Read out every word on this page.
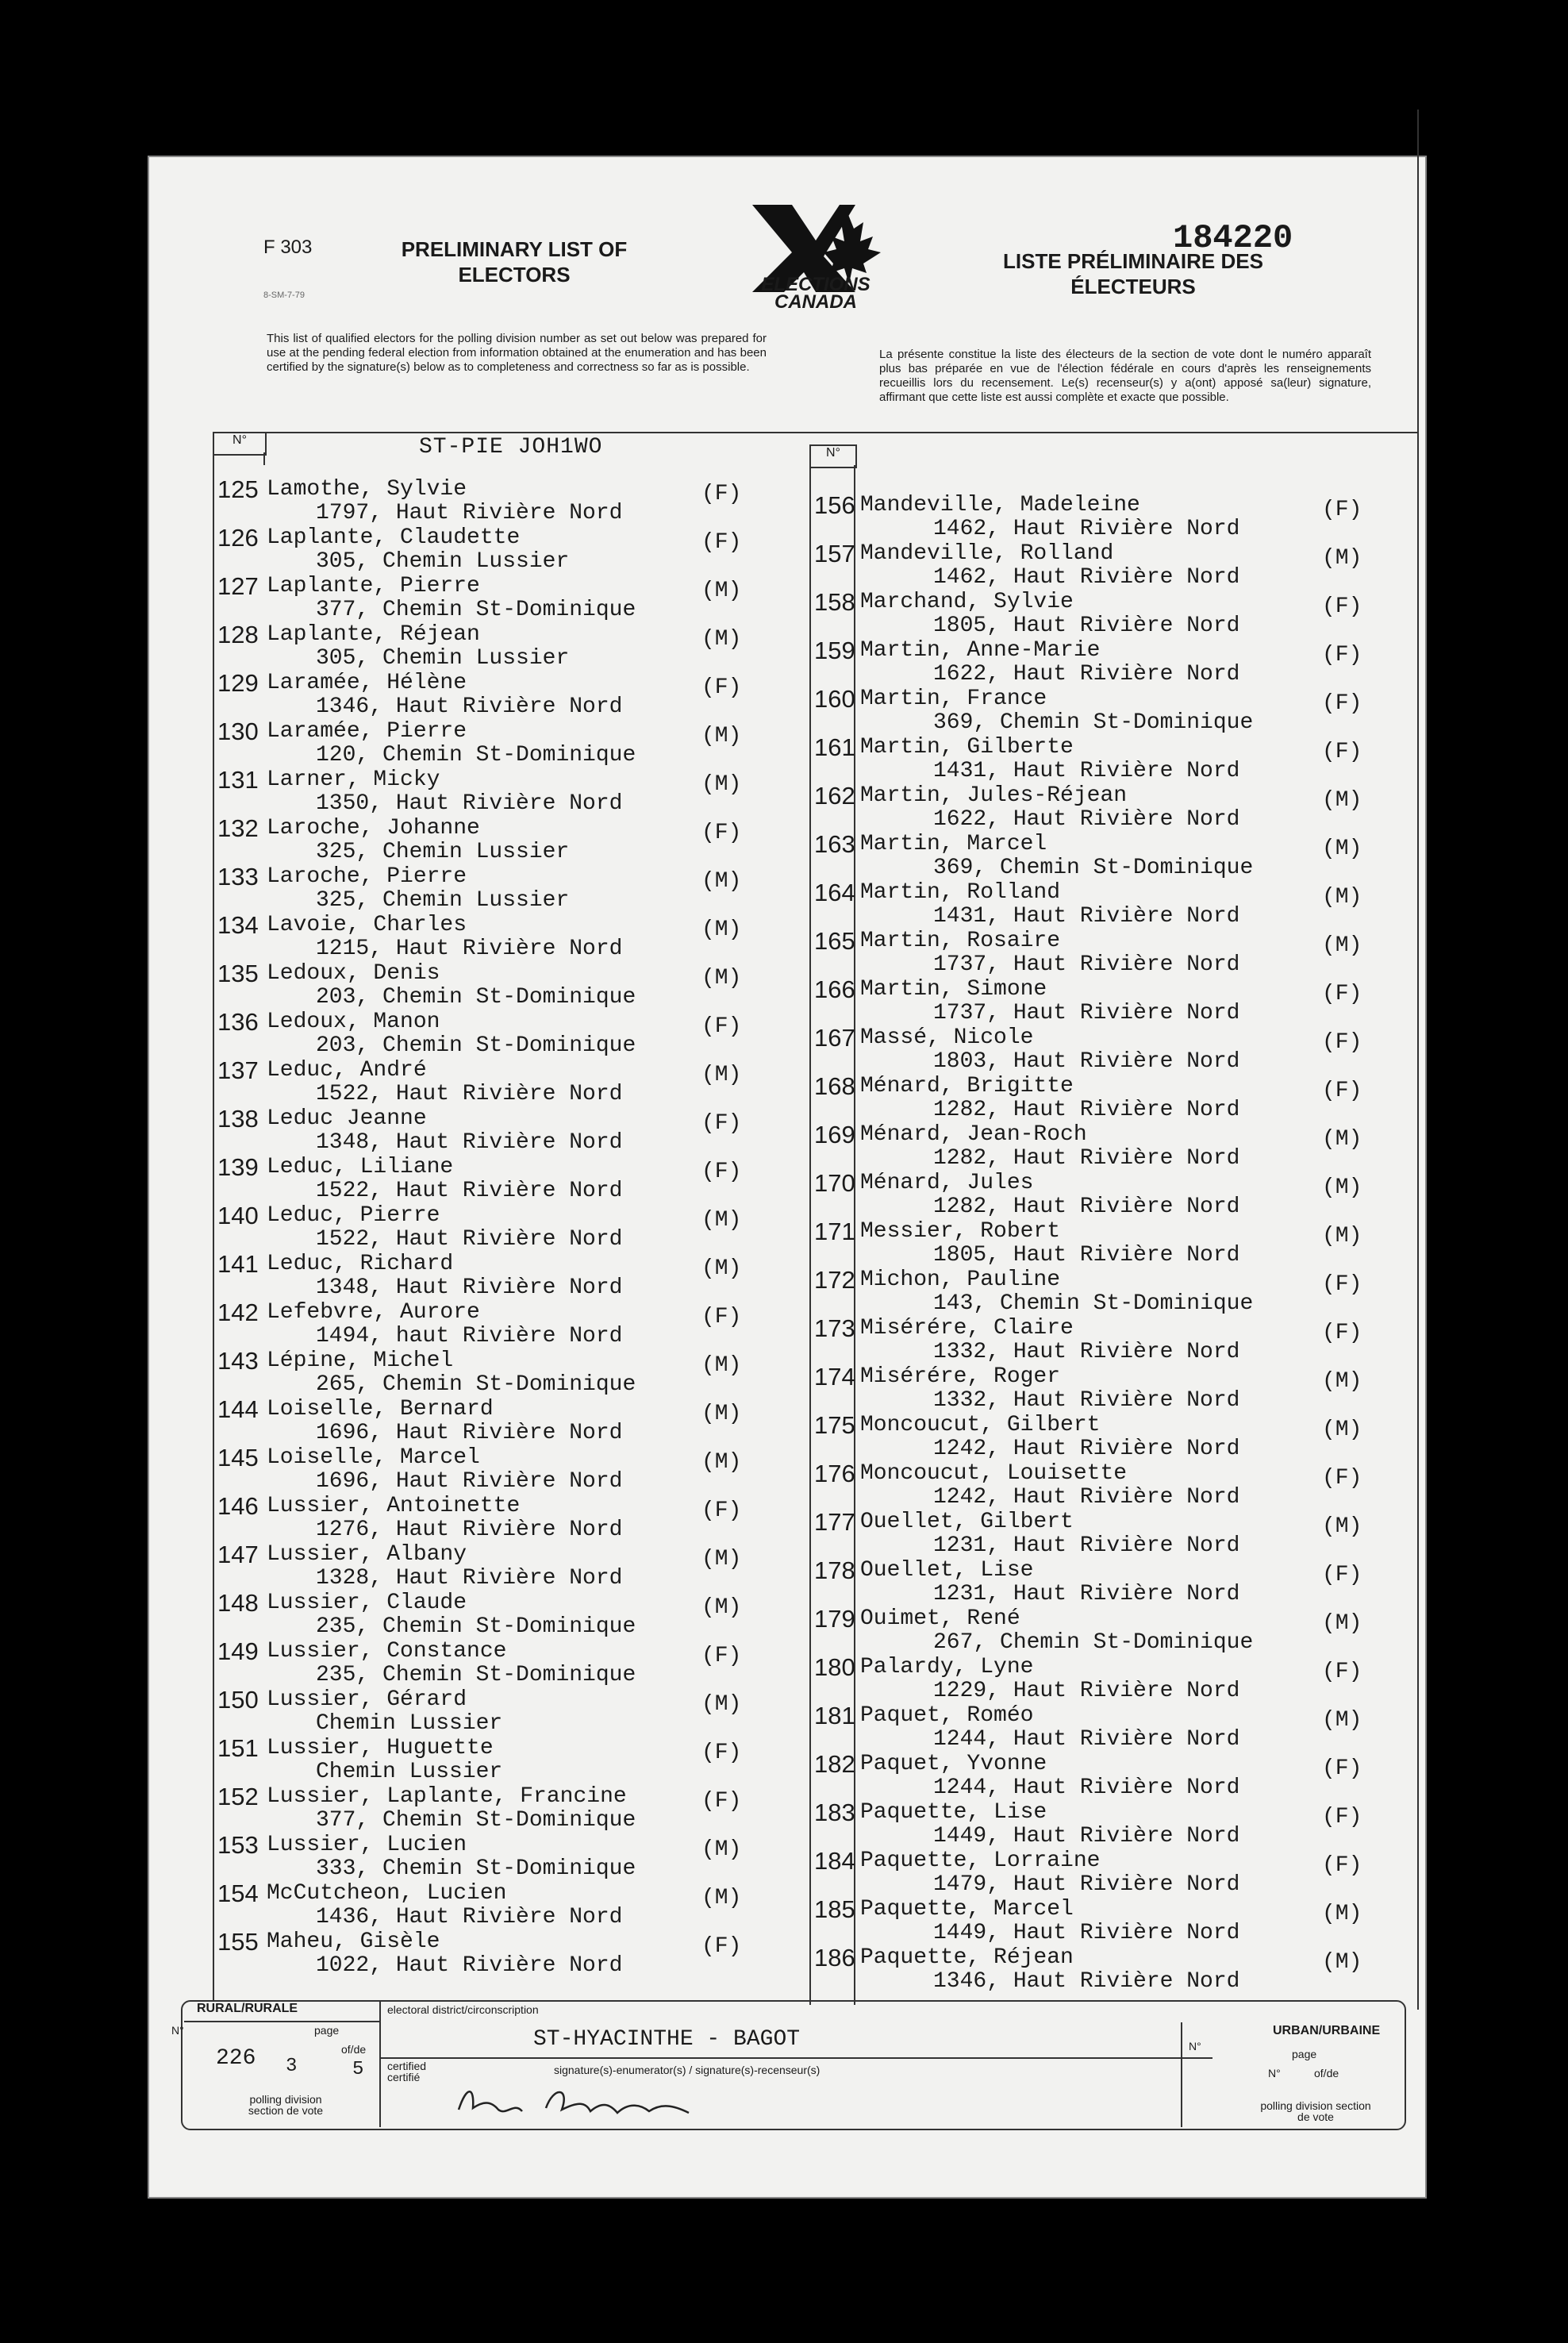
F 303
8-SM-7-79
PRELIMINARY LIST OF ELECTORS	ELECTIONS CANADA
184220
LISTE PRÉLIMINAIRE DES ÉLECTEURS
This list of qualified electors for the polling division number as set out below was prepared for use at the pending federal election from information obtained at the enumeration and has been certified by the signature(s) below as to completeness and correctness so far as is possible.
La présente constitue la liste des électeurs de la section de vote dont le numéro apparaît plus bas préparée en vue de l'élection fédérale en cours d'après les renseignements recueillis lors du recensement. Le(s) recenseur(s) y a(ont) apposé sa(leur) signature, affirmant que cette liste est aussi complète et exacte que possible.
N°
N°
ST-PIE JOH1WO
125 Lamothe, Sylvie
1797, Haut Rivière Nord
(F)
126 Laplante, Claudette
305, Chemin Lussier
(F)
127 Laplante, Pierre
377, Chemin St-Dominique
(M)
128 Laplante, Réjean
305, Chemin Lussier
(M)
129 Laramée, Hélène
1346, Haut Rivière Nord
(F)
130 Laramée, Pierre
120, Chemin St-Dominique
(M)
131 Larner, Micky
1350, Haut Rivière Nord
(M)
132 Laroche, Johanne
325, Chemin Lussier
(F)
133 Laroche, Pierre
325, Chemin Lussier
(M)
134 Lavoie, Charles
1215, Haut Rivière Nord
(M)
135 Ledoux, Denis
203, Chemin St-Dominique
(M)
136 Ledoux, Manon
203, Chemin St-Dominique
(F)
137 Leduc, André
1522, Haut Rivière Nord
(M)
138 Leduc Jeanne
1348, Haut Rivière Nord
(F)
139 Leduc, Liliane
1522, Haut Rivière Nord
(F)
140 Leduc, Pierre
1522, Haut Rivière Nord
(M)
141 Leduc, Richard
1348, Haut Rivière Nord
(M)
142 Lefebvre, Aurore
1494, haut Rivière Nord
(F)
143 Lépine, Michel
265, Chemin St-Dominique
(M)
144 Loiselle, Bernard
1696, Haut Rivière Nord
(M)
145 Loiselle, Marcel
1696, Haut Rivière Nord
(M)
146 Lussier, Antoinette
1276, Haut Rivière Nord
(F)
147 Lussier, Albany
1328, Haut Rivière Nord
(M)
148 Lussier, Claude
235, Chemin St-Dominique
(M)
149 Lussier, Constance
235, Chemin St-Dominique
(F)
150 Lussier, Gérard
Chemin Lussier
(M)
151 Lussier, Huguette
Chemin Lussier
(F)
152 Lussier, Laplante, Francine
377, Chemin St-Dominique
(F)
153 Lussier, Lucien
333, Chemin St-Dominique
(M)
154 McCutcheon, Lucien
1436, Haut Rivière Nord
(M)
155 Maheu, Gisèle
1022, Haut Rivière Nord
(F)
156 Mandeville, Madeleine
1462, Haut Rivière Nord
(F)
157 Mandeville, Rolland
1462, Haut Rivière Nord
(M)
158 Marchand, Sylvie
1805, Haut Rivière Nord
(F)
159 Martin, Anne-Marie
1622, Haut Rivière Nord
(F)
160 Martin, France
369, Chemin St-Dominique
(F)
161 Martin, Gilberte
1431, Haut Rivière Nord
(F)
162 Martin, Jules-Réjean
1622, Haut Rivière Nord
(M)
163 Martin, Marcel
369, Chemin St-Dominique
(M)
164 Martin, Rolland
1431, Haut Rivière Nord
(M)
165 Martin, Rosaire
1737, Haut Rivière Nord
(M)
166 Martin, Simone
1737, Haut Rivière Nord
(F)
167 Massé, Nicole
1803, Haut Rivière Nord
(F)
168 Ménard, Brigitte
1282, Haut Rivière Nord
(F)
169 Ménard, Jean-Roch
1282, Haut Rivière Nord
(M)
170 Ménard, Jules
1282, Haut Rivière Nord
(M)
171 Messier, Robert
1805, Haut Rivière Nord
(M)
172 Michon, Pauline
143, Chemin St-Dominique
(F)
173 Misérére, Claire
1332, Haut Rivière Nord
(F)
174 Misérére, Roger
1332, Haut Rivière Nord
(M)
175 Moncoucut, Gilbert
1242, Haut Rivière Nord
(M)
176 Moncoucut, Louisette
1242, Haut Rivière Nord
(F)
177 Ouellet, Gilbert
1231, Haut Rivière Nord
(M)
178 Ouellet, Lise
1231, Haut Rivière Nord
(F)
179 Ouimet, René
267, Chemin St-Dominique
(M)
180 Palardy, Lyne
1229, Haut Rivière Nord
(F)
181 Paquet, Roméo
1244, Haut Rivière Nord
(M)
182 Paquet, Yvonne
1244, Haut Rivière Nord
(F)
183 Paquette, Lise
1449, Haut Rivière Nord
(F)
184 Paquette, Lorraine
1479, Haut Rivière Nord
(F)
185 Paquette, Marcel
1449, Haut Rivière Nord
(M)
186 Paquette, Réjean
1346, Haut Rivière Nord
(M)
RURAL/RURALE
N°
226
page
3
of/de
5
polling division section de vote
electoral district/circonscription
ST-HYACINTHE - BAGOT
certified certifié
signature(s)-enumerator(s) / signature(s)-recenseur(s)
URBAN/URBAINE
N°
page
N°	of/de
polling division section de vote
